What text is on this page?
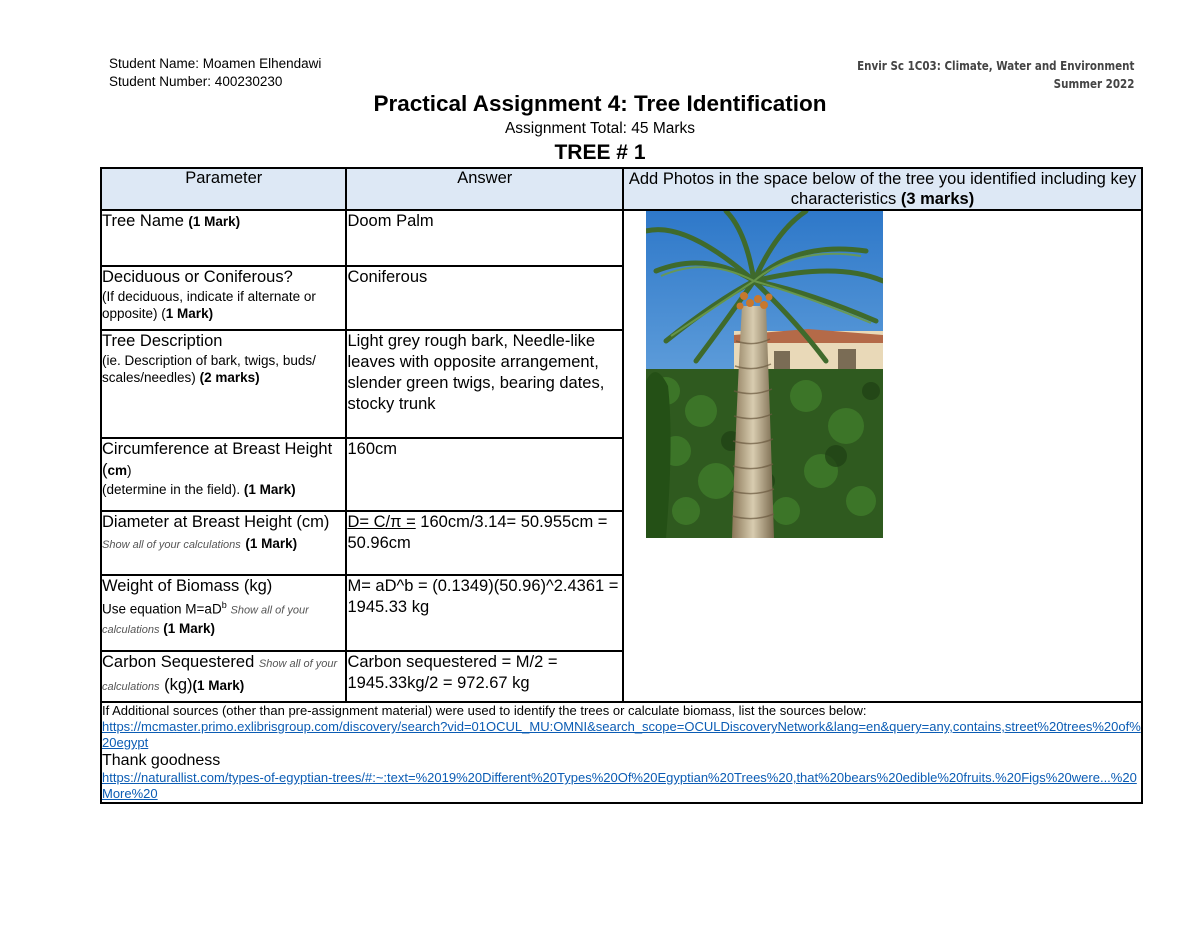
Student Name: Moamen Elhendawi
Student Number: 400230230
Envir Sc 1C03: Climate, Water and Environment
Summer 2022
Practical Assignment 4: Tree Identification
Assignment Total: 45 Marks
TREE # 1
Parameter	Answer	Add Photos in the space below of the tree you identified including key characteristics (3 marks)

Tree Name (1 Mark)	Doom Palm	

Deciduous or Coniferous?
(If deciduous, indicate if alternate or opposite) (1 Mark)	Coniferous	

Tree Description
(ie. Description of bark, twigs, buds/ scales/needles) (2 marks)	Light grey rough bark, Needle-like leaves with opposite arrangement, slender green twigs, bearing dates, stocky trunk	

Circumference at Breast Height (cm)
(determine in the field). (1 Mark)	160cm	

Diameter at Breast Height (cm) Show all of your calculations (1 Mark)	D= C/π = 160cm/3.14= 50.955cm = 50.96cm	

Weight of Biomass (kg)
Use equation $M=aD^b$ Show all of your calculations (1 Mark)	M= aD^b = (0.1349)(50.96)^2.4361 = 1945.33 kg	

Carbon Sequestered Show all of your calculations (kg)(1 Mark)	Carbon sequestered = M/2 = 1945.33kg/2 = 972.67 kg	

If Additional sources (other than pre-assignment material) were used to identify the trees or calculate biomass, list the sources below:
https://mcmaster.primo.exlibrisgroup.com/discovery/search?vid=01OCUL_MU:OMNI&search_scope=OCULDiscoveryNetwork&lang=en&query=any,contains,street%20trees%20of%20egypt
Thank goodness
https://naturallist.com/types-of-egyptian-trees/#:~:text=%2019%20Different%20Types%20Of%20Egyptian%20Trees%20,that%20bears%20edible%20fruits.%20Figs%20were...%20More%20		
